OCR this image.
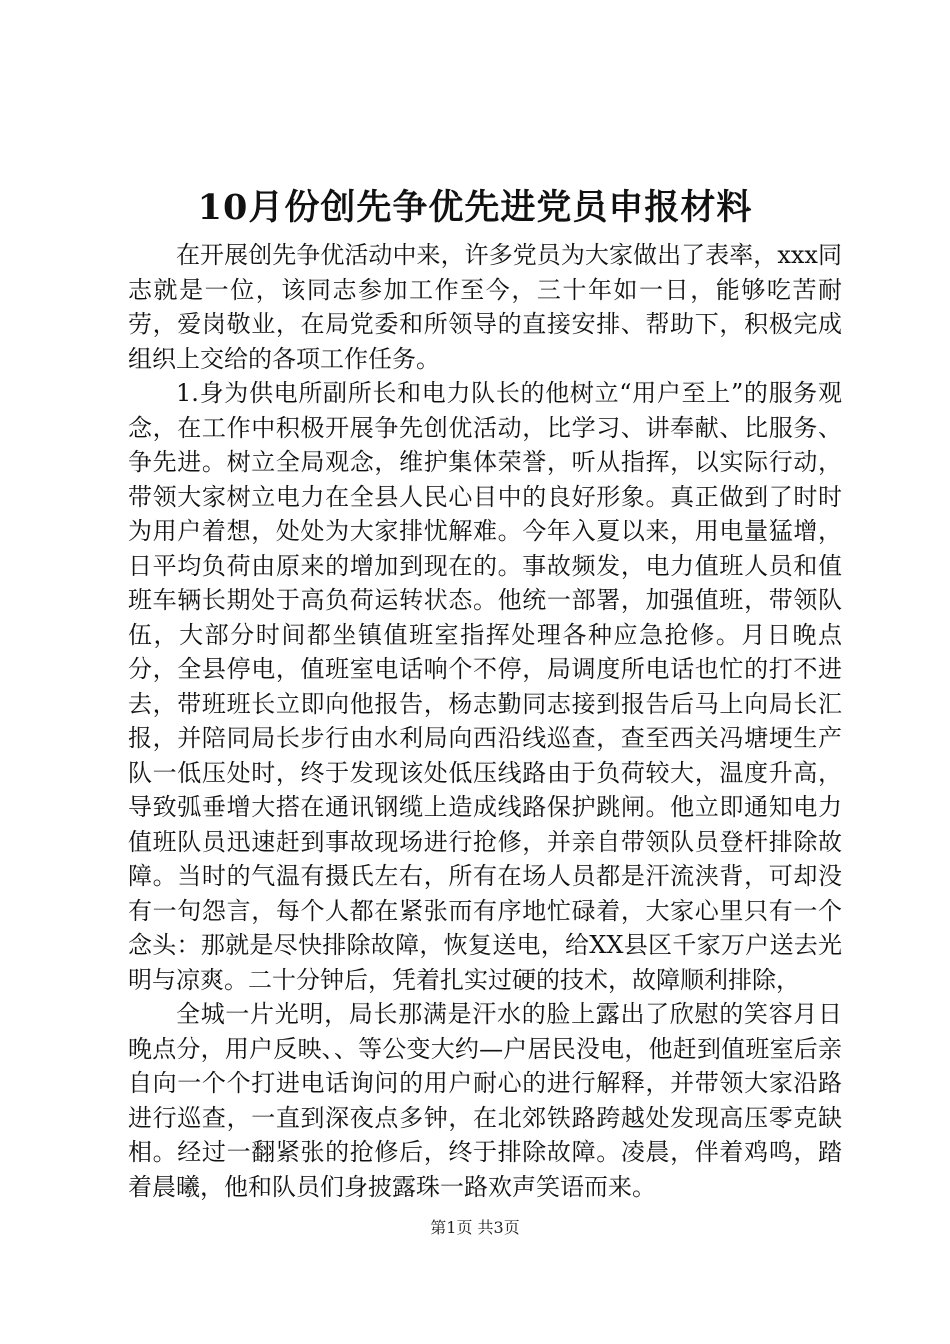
10月份创先争优先进党员申报材料

在开展创先争优活动中来，许多党员为大家做出了表率，xxx同志就是一位，该同志参加工作至今，三十年如一日，能够吃苦耐劳，爱岗敬业，在局党委和所领导的直接安排、帮助下，积极完成组织上交给的各项工作任务。

1.身为供电所副所长和电力队长的他树立“用户至上”的服务观念，在工作中积极开展争先创优活动，比学习、讲奉献、比服务、争先进。树立全局观念，维护集体荣誉，听从指挥，以实际行动，带领大家树立电力在全县人民心目中的良好形象。真正做到了时时为用户着想，处处为大家排忧解难。今年入夏以来，用电量猛增，日平均负荷由原来的增加到现在的。事故频发，电力值班人员和值班车辆长期处于高负荷运转状态。他统一部署，加强值班，带领队伍，大部分时间都坐镇值班室指挥处理各种应急抢修。月日晚点分，全县停电，值班室电话响个不停，局调度所电话也忙的打不进去，带班班长立即向他报告，杨志勤同志接到报告后马上向局长汇报，并陪同局长步行由水利局向西沿线巡查，查至西关冯塘埂生产队一低压处时，终于发现该处低压线路由于负荷较大，温度升高，导致弧垂增大搭在通讯钢缆上造成线路保护跳闸。他立即通知电力值班队员迅速赶到事故现场进行抢修，并亲自带领队员登杆排除故障。当时的气温有摄氏左右，所有在场人员都是汗流浃背，可却没有一句怨言，每个人都在紧张而有序地忙碌着，大家心里只有一个念头：那就是尽快排除故障，恢复送电，给XX县区千家万户送去光明与凉爽。二十分钟后，凭着扎实过硬的技术，故障顺利排除，

全城一片光明，局长那满是汗水的脸上露出了欣慰的笑容月日晚点分，用户反映、、等公变大约—户居民没电，他赶到值班室后亲自向一个个打进电话询问的用户耐心的进行解释，并带领大家沿路进行巡查，一直到深夜点多钟，在北郊铁路跨越处发现高压零克缺相。经过一翻紧张的抢修后，终于排除故障。凌晨，伴着鸡鸣，踏着晨曦，他和队员们身披露珠一路欢声笑语而来。

第1页 共3页
